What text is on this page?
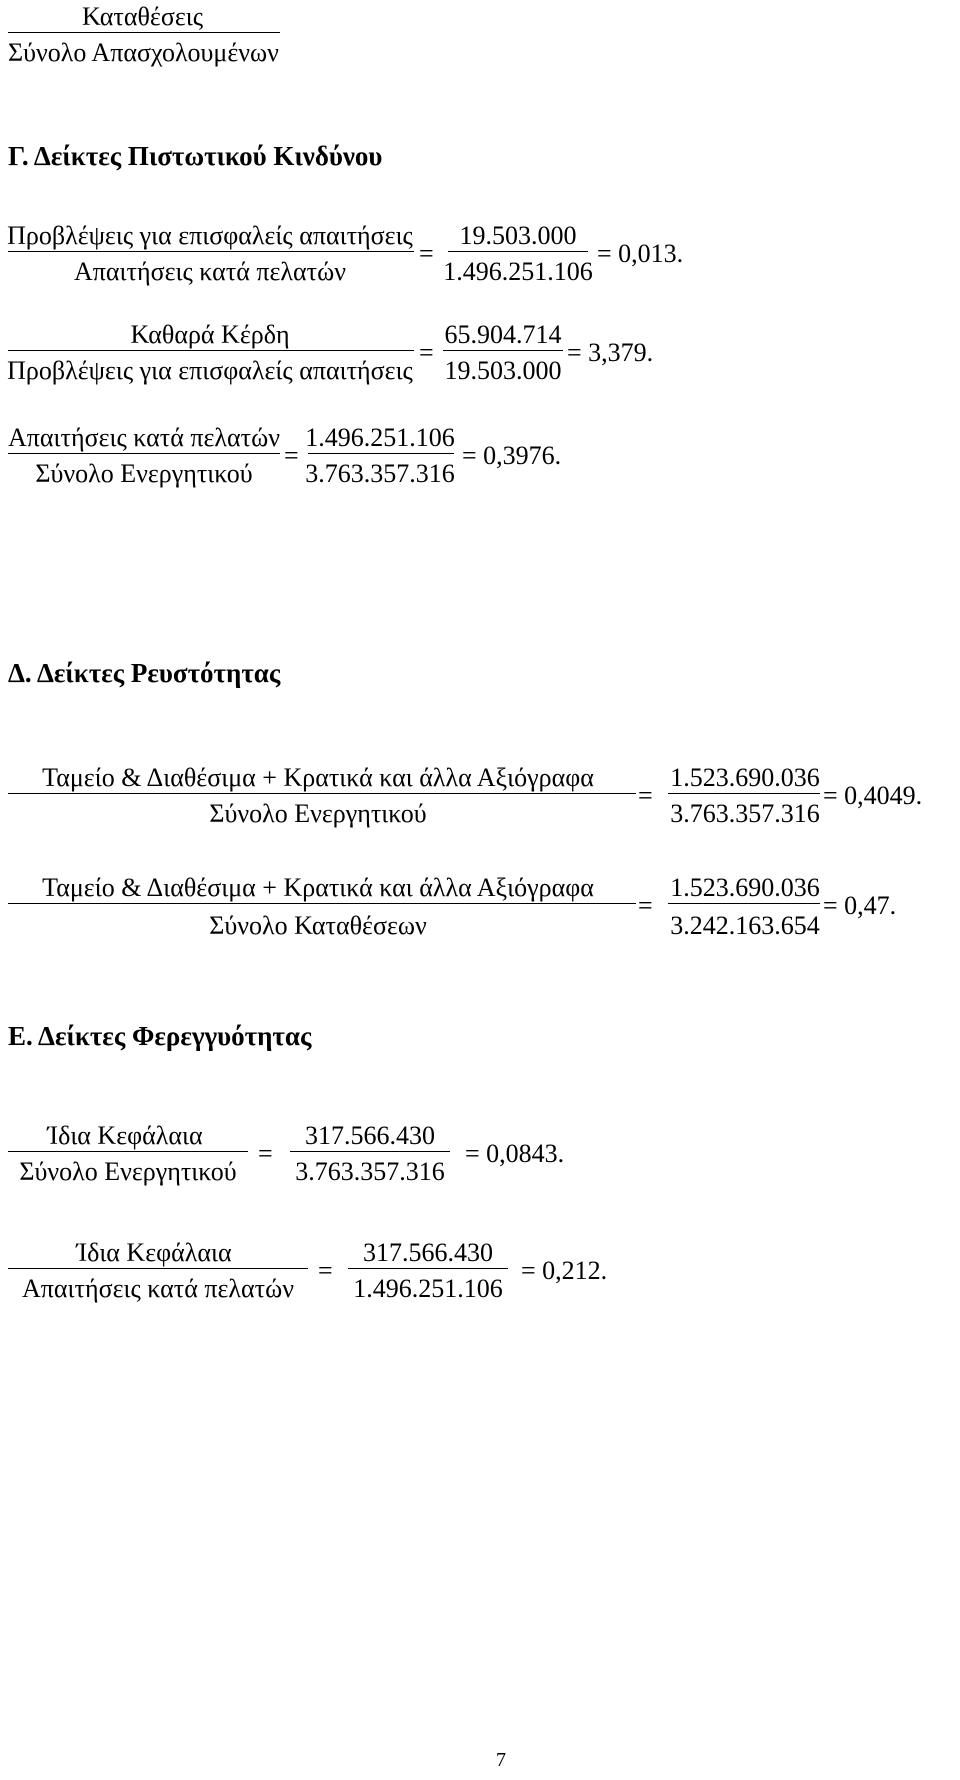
Καταθέσεις
Σύνολο Απασχολουμένων
Γ. Δείκτες Πιστωτικού Κινδύνου
Προβλέψεις για επισφαλείς απαιτήσεις
Απαιτήσεις κατά πελατών
=
19.503.000
1.496.251.106
= 0,013.
Καθαρά Κέρδη
Προβλέψεις για επισφαλείς απαιτήσεις
=
65.904.714
19.503.000
= 3,379.
Απαιτήσεις κατά πελατών
Σύνολο Ενεργητικού
=
1.496.251.106
3.763.357.316
= 0,3976.
Δ. Δείκτες Ρευστότητας
Ταμείο & Διαθέσιμα + Κρατικά και άλλα Αξιόγραφα
Σύνολο Ενεργητικού
=
1.523.690.036
3.763.357.316
= 0,4049.
Ταμείο & Διαθέσιμα + Κρατικά και άλλα Αξιόγραφα
Σύνολο Καταθέσεων
=
1.523.690.036
3.242.163.654
= 0,47.
Ε. Δείκτες Φερεγγυότητας
Ίδια Κεφάλαια
Σύνολο Ενεργητικού
=
317.566.430
3.763.357.316
= 0,0843.
Ίδια Κεφάλαια
Απαιτήσεις κατά πελατών
=
317.566.430
1.496.251.106
= 0,212.
7
